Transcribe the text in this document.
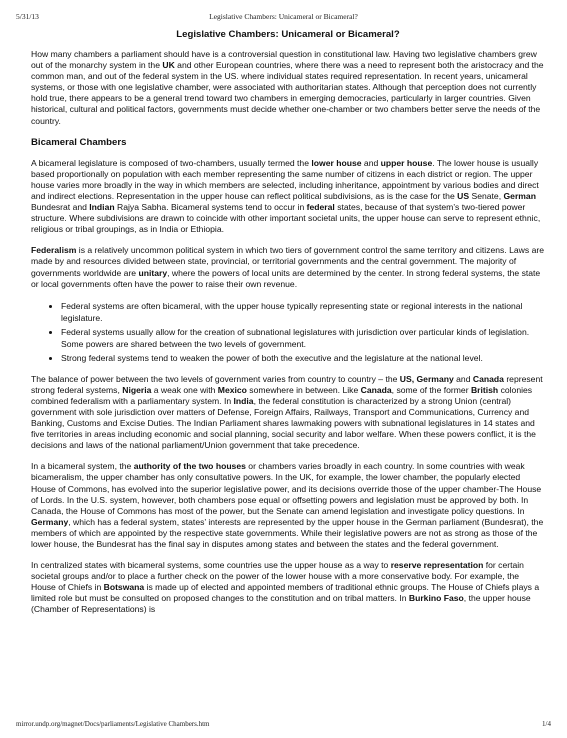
5/31/13	Legislative Chambers: Unicameral or Bicameral?
Legislative Chambers: Unicameral or Bicameral?

How many chambers a parliament should have is a controversial question in constitutional law. Having two legislative chambers grew out of the monarchy system in the UK and other European countries, where there was a need to represent both the aristocracy and the common man, and out of the federal system in the US. where individual states required representation. In recent years, unicameral systems, or those with one legislative chamber, were associated with authoritarian states. Although that perception does not currently hold true, there appears to be a general trend toward two chambers in emerging democracies, particularly in larger countries. Given historical, cultural and political factors, governments must decide whether one-chamber or two chambers better serve the needs of the country.

Bicameral Chambers

A bicameral legislature is composed of two-chambers, usually termed the lower house and upper house. The lower house is usually based proportionally on population with each member representing the same number of citizens in each district or region. The upper house varies more broadly in the way in which members are selected, including inheritance, appointment by various bodies and direct and indirect elections. Representation in the upper house can reflect political subdivisions, as is the case for the US Senate, German Bundesrat and Indian Rajya Sabha. Bicameral systems tend to occur in federal states, because of that system’s two-tiered power structure. Where subdivisions are drawn to coincide with other important societal units, the upper house can serve to represent ethnic, religious or tribal groupings, as in India or Ethiopia.

Federalism is a relatively uncommon political system in which two tiers of government control the same territory and citizens. Laws are made by and resources divided between state, provincial, or territorial governments and the central government. The majority of governments worldwide are unitary, where the powers of local units are determined by the center. In strong federal systems, the state or local governments often have the power to raise their own revenue.

• Federal systems are often bicameral, with the upper house typically representing state or regional interests in the national legislature.
• Federal systems usually allow for the creation of subnational legislatures with jurisdiction over particular kinds of legislation. Some powers are shared between the two levels of government.
• Strong federal systems tend to weaken the power of both the executive and the legislature at the national level.

The balance of power between the two levels of government varies from country to country – the US, Germany and Canada represent strong federal systems, Nigeria a weak one with Mexico somewhere in between. Like Canada, some of the former British colonies combined federalism with a parliamentary system. In India, the federal constitution is characterized by a strong Union (central) government with sole jurisdiction over matters of Defense, Foreign Affairs, Railways, Transport and Communications, Currency and Banking, Customs and Excise Duties. The Indian Parliament shares lawmaking powers with subnational legislatures in 14 states and five territories in areas including economic and social planning, social security and labor welfare. When these powers conflict, it is the decisions and laws of the national parliament/Union government that take precedence.

In a bicameral system, the authority of the two houses or chambers varies broadly in each country. In some countries with weak bicameralism, the upper chamber has only consultative powers. In the UK, for example, the lower chamber, the popularly elected House of Commons, has evolved into the superior legislative power, and its decisions override those of the upper chamber-The House of Lords. In the U.S. system, however, both chambers pose equal or offsetting powers and legislation must be approved by both. In Canada, the House of Commons has most of the power, but the Senate can amend legislation and investigate policy questions. In Germany, which has a federal system, states’ interests are represented by the upper house in the German parliament (Bundesrat), the members of which are appointed by the respective state governments. While their legislative powers are not as strong as those of the lower house, the Bundesrat has the final say in disputes among states and between the states and the federal government.

In centralized states with bicameral systems, some countries use the upper house as a way to reserve representation for certain societal groups and/or to place a further check on the power of the lower house with a more conservative body. For example, the House of Chiefs in Botswana is made up of elected and appointed members of traditional ethnic groups. The House of Chiefs plays a limited role but must be consulted on proposed changes to the constitution and on tribal matters. In Burkino Faso, the upper house (Chamber of Representations) is

mirror.undp.org/magnet/Docs/parliaments/Legislative Chambers.htm	1/4
